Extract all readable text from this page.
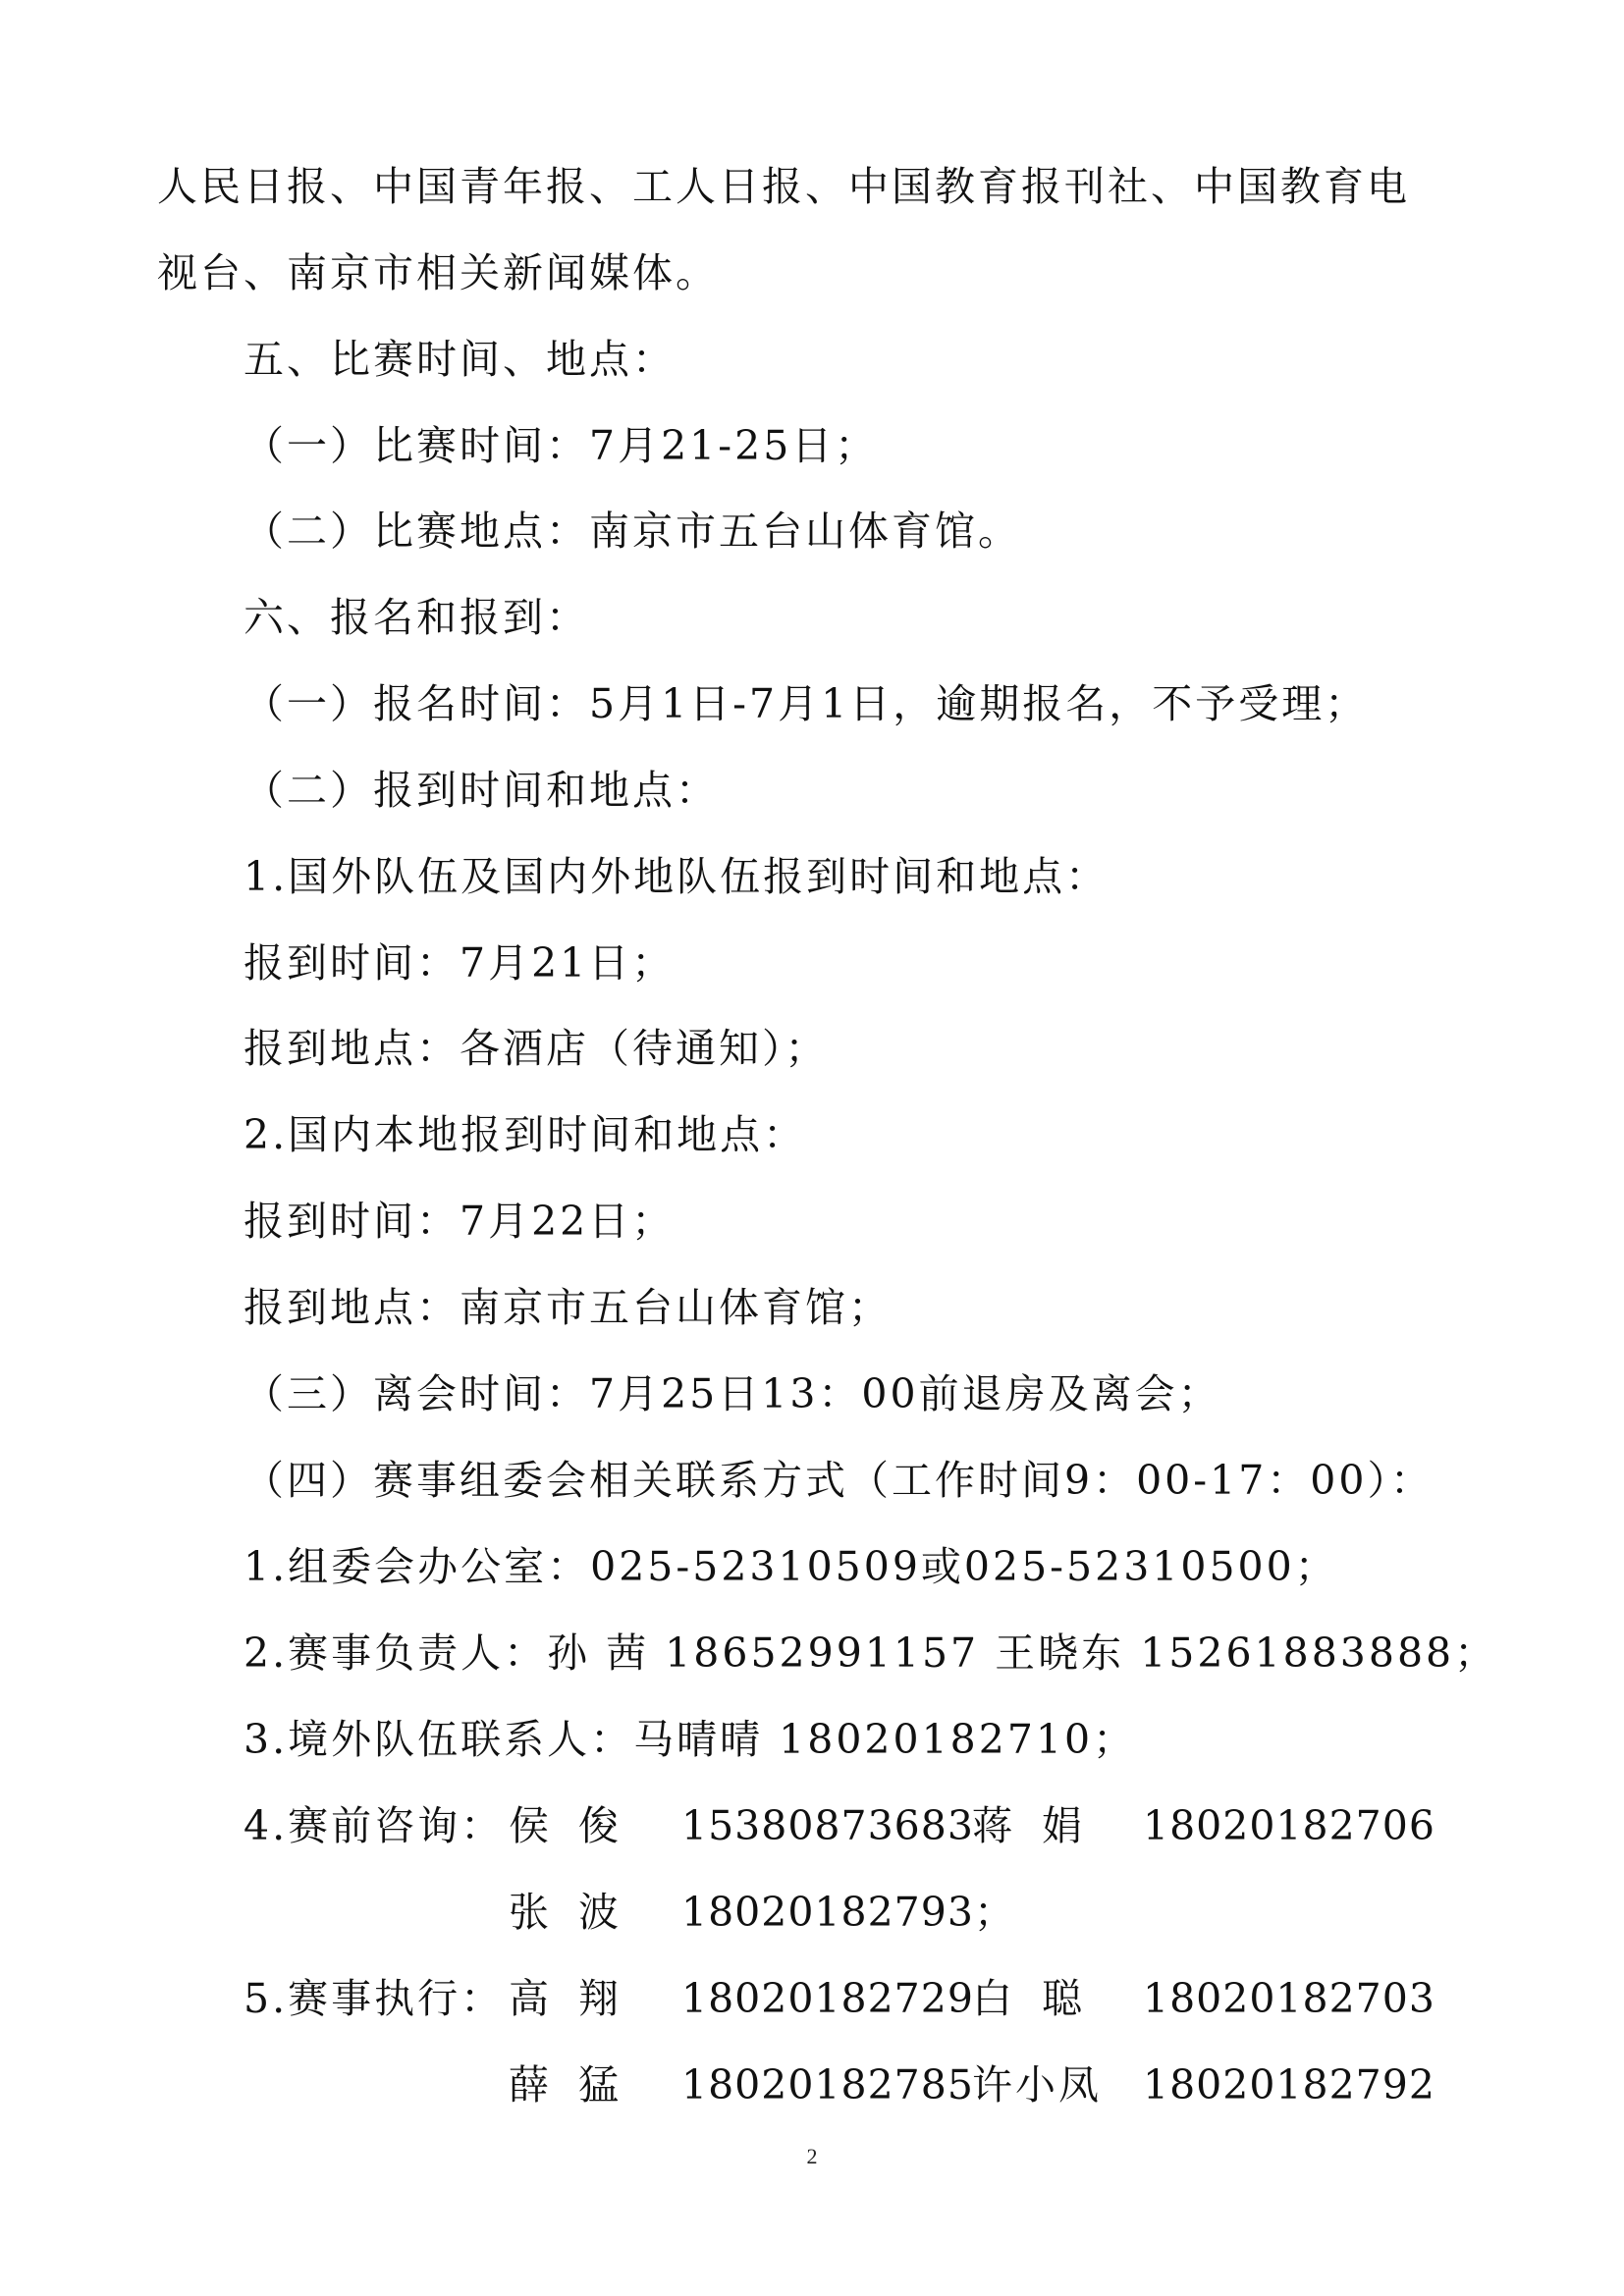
人民日报、中国青年报、工人日报、中国教育报刊社、中国教育电
视台、南京市相关新闻媒体。
五、比赛时间、地点：
（一）比赛时间：7月21-25日；
（二）比赛地点：南京市五台山体育馆。
六、报名和报到：
（一）报名时间：5月1日-7月1日，逾期报名，不予受理；
（二）报到时间和地点：
1.国外队伍及国内外地队伍报到时间和地点：
报到时间：7月21日；
报到地点：各酒店（待通知）；
2.国内本地报到时间和地点：
报到时间：7月22日；
报到地点：南京市五台山体育馆；
（三）离会时间：7月25日13：00前退房及离会；
（四）赛事组委会相关联系方式（工作时间9：00-17：00）：
1.组委会办公室：025-52310509或025-52310500；
2.赛事负责人：孙 茜 18652991157 王晓东 15261883888；
3.境外队伍联系人：马晴晴 18020182710；
4.赛前咨询： 侯俊 15380873683
蒋娟 18020182706
张波 18020182793；
5.赛事执行： 高翔 18020182729
白聪 18020182703
薛猛 18020182785
许小凤 18020182792
2
